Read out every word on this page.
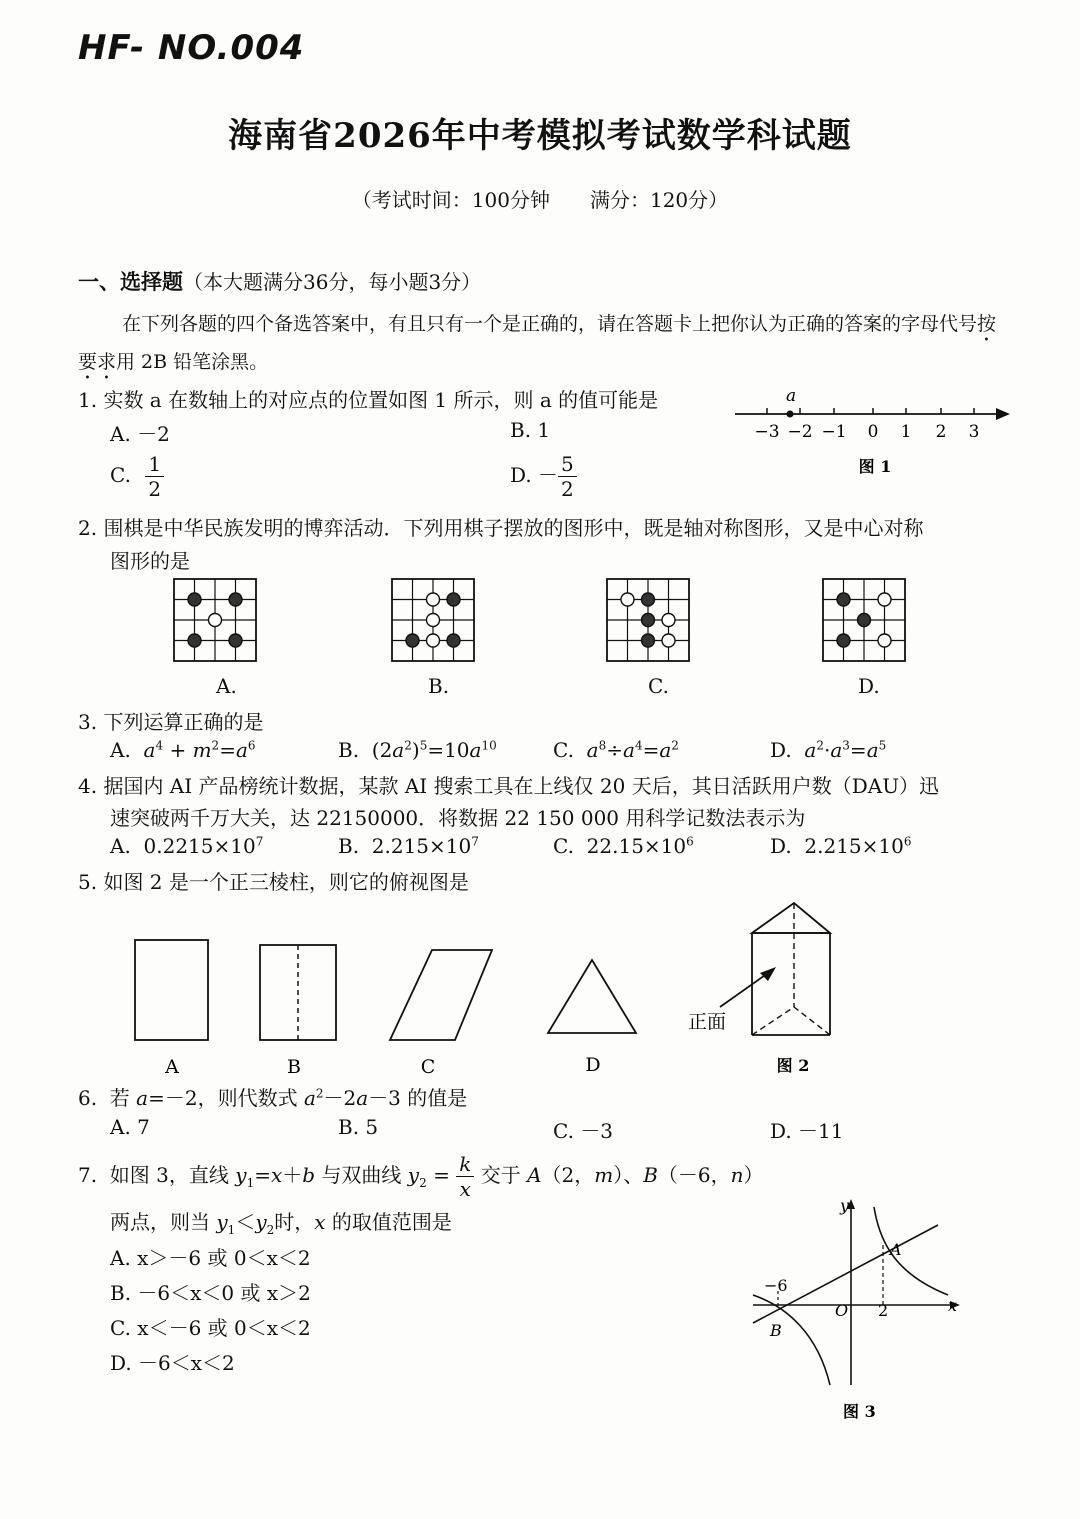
HF- NO.004
海南省2026年中考模拟考试数学科试题
（考试时间：100分钟　　满分：120分）
一、选择题（本大题满分36分，每小题3分）
在下列各题的四个备选答案中，有且只有一个是正确的，请在答题卡上把你认为正确的答案的字母代号按要求用 2B 铅笔涂黑。
1. 实数 a 在数轴上的对应点的位置如图 1 所示，则 a 的值可能是
A. －2	B. 1
C. $\frac{1}{2}$	D. － $\frac{5}{2}$
a
−3 −2 −1 0 1 2 3
图 1
2. 围棋是中华民族发明的博弈活动．下列用棋子摆放的图形中，既是轴对称图形，又是中心对称
图形的是
A.	B.	C.	D.
3. 下列运算正确的是
A.  $a^4 + m^2=a^6$	B.  $(2a^2)^5=10a^{10}$	C.  $a^8\div a^4=a^2$	D.  $a^2\cdot a^3=a^5$
4. 据国内 AI 产品榜统计数据，某款 AI 搜索工具在上线仅 20 天后，其日活跃用户数（DAU）迅
速突破两千万大关，达 22150000．将数据 22 150 000 用科学记数法表示为
A.  $0.2215\times 10^7$	B.  $2.215\times 10^7$	C.  $22.15\times 10^6$	D.  $2.215\times 10^6$
5. 如图 2 是一个正三棱柱，则它的俯视图是
正面
A	B	C	D	图 2
6.  若 a=－2，则代数式 $a^2-2a-3$ 的值是
A. 7	B. 5	C. －3	D. －11
7.  如图 3，直线 $y_1=x+b$ 与双曲线 $y_2 = \frac{k}{x}$ 交于 A（2，m）、B（－6，n）
两点，则当 $y_1<y_2$时，x 的取值范围是
A. x＞－6 或 0＜x＜2
B. －6＜x＜0 或 x＞2
C. x＜－6 或 0＜x＜2
D. －6＜x＜2
y
x
O
A
B
−6
2
图 3
